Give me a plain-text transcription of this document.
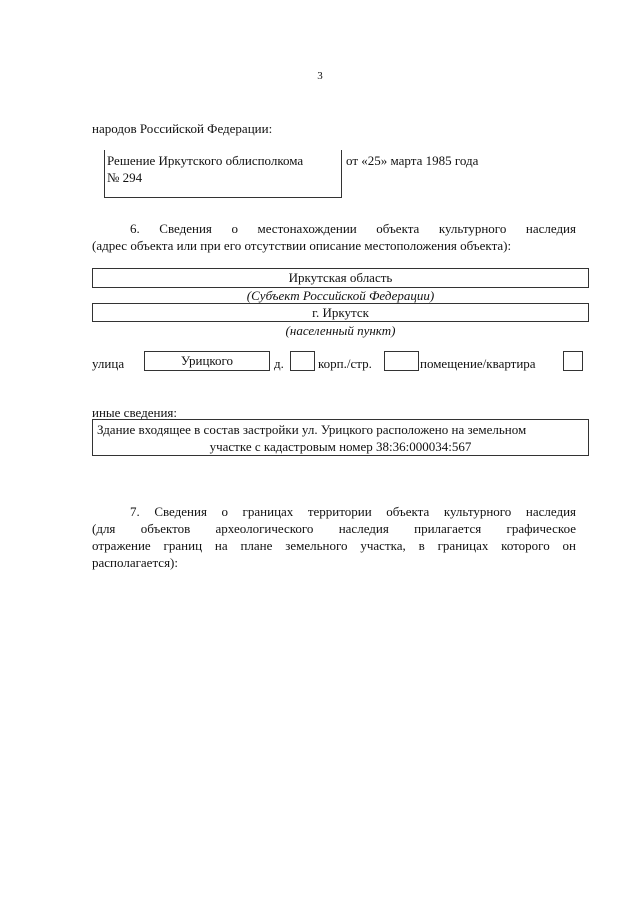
3
народов Российской Федерации:
Решение Иркутского облисполкома
№ 294
от «25» марта 1985 года
6. Сведения о местонахождении объекта культурного наследия
(адрес объекта или при его отсутствии описание местоположения объекта):
Иркутская область
(Субъект Российской Федерации)
г. Иркутск
(населенный пункт)
улица	Урицкого	д.	корп./стр.	помещение/квартира
иные сведения:
Здание входящее в состав застройки ул. Урицкого расположено на земельном
участке с кадастровым номер 38:36:000034:567
7. Сведения о границах территории объекта культурного наследия
(для объектов археологического наследия прилагается графическое
отражение границ на плане земельного участка, в границах которого он
располагается):
